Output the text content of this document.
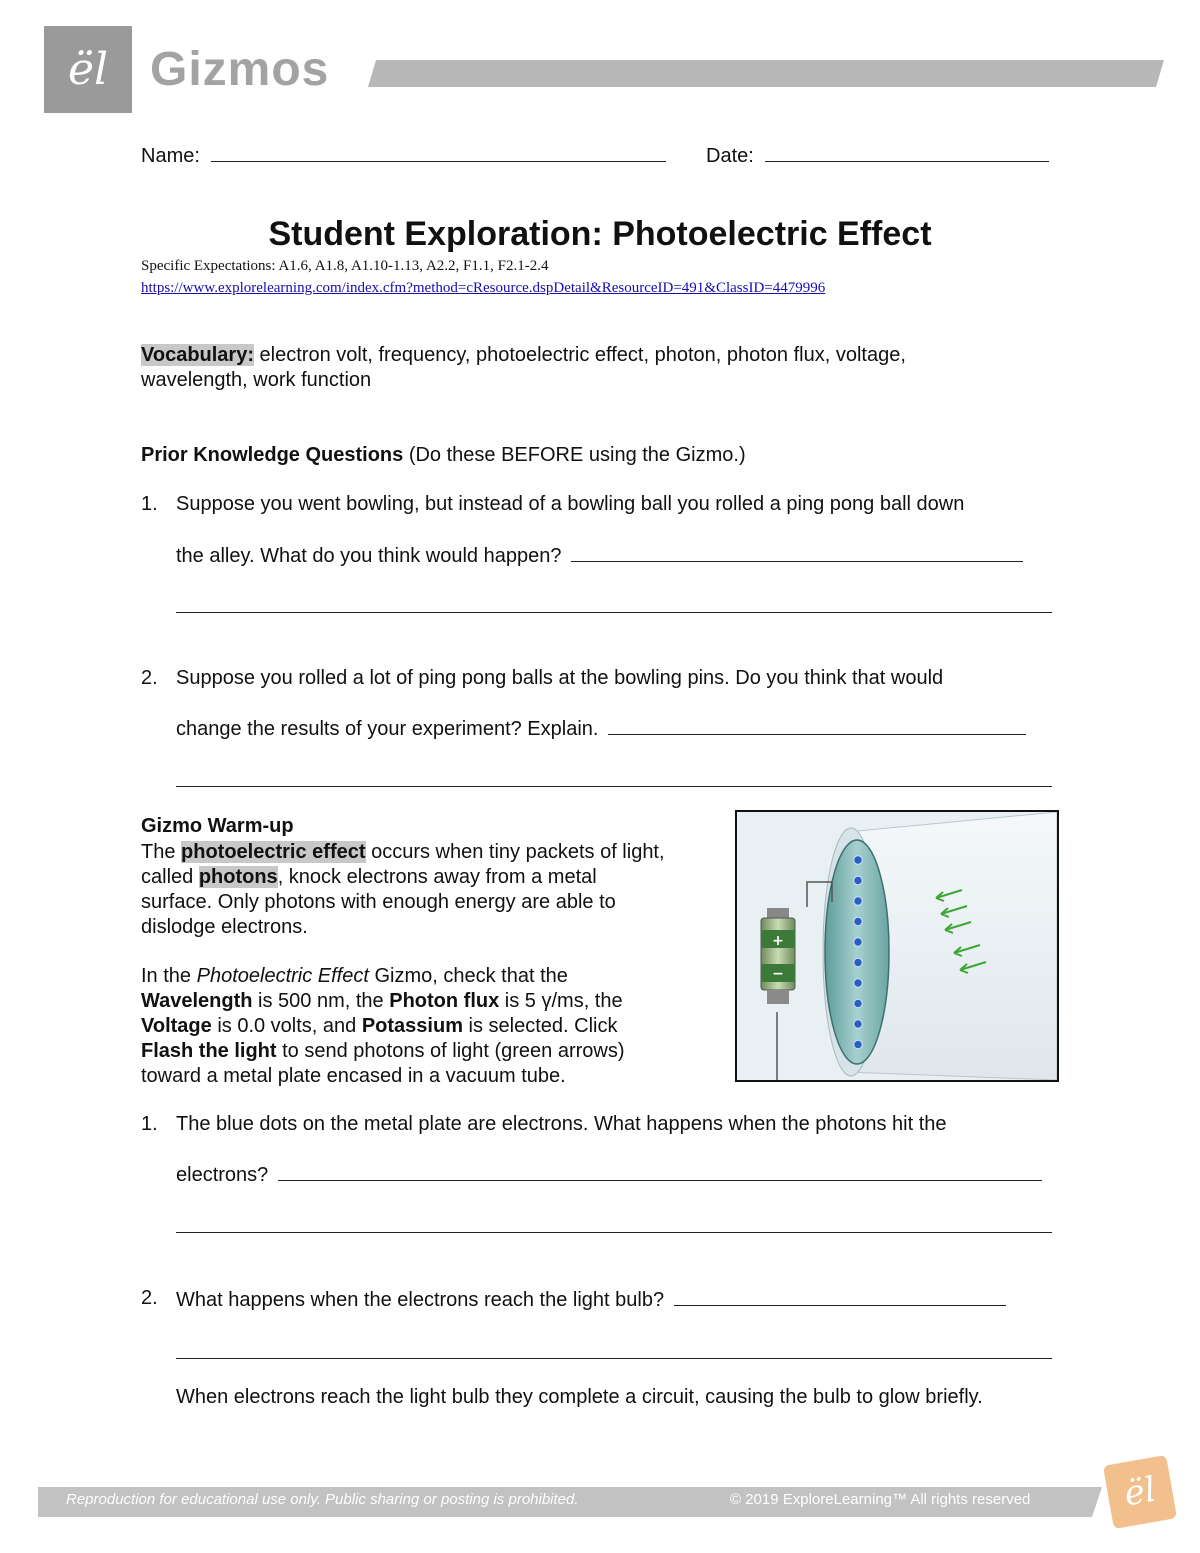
ël Gizmos
Name:	Date:
Student Exploration: Photoelectric Effect
Specific Expectations: A1.6, A1.8, A1.10-1.13, A2.2, F1.1, F2.1-2.4
https://www.explorelearning.com/index.cfm?method=cResource.dspDetail&ResourceID=491&ClassID=4479996
Vocabulary: electron volt, frequency, photoelectric effect, photon, photon flux, voltage,
wavelength, work function
Prior Knowledge Questions (Do these BEFORE using the Gizmo.)
1. Suppose you went bowling, but instead of a bowling ball you rolled a ping pong ball down
the alley. What do you think would happen?
2. Suppose you rolled a lot of ping pong balls at the bowling pins. Do you think that would
change the results of your experiment? Explain.
Gizmo Warm-up
The photoelectric effect occurs when tiny packets of light,
called photons, knock electrons away from a metal
surface. Only photons with enough energy are able to
dislodge electrons.
In the Photoelectric Effect Gizmo, check that the
Wavelength is 500 nm, the Photon flux is 5 γ/ms, the
Voltage is 0.0 volts, and Potassium is selected. Click
Flash the light to send photons of light (green arrows)
toward a metal plate encased in a vacuum tube.
+
−
1. The blue dots on the metal plate are electrons. What happens when the photons hit the
electrons?
2. What happens when the electrons reach the light bulb?
When electrons reach the light bulb they complete a circuit, causing the bulb to glow briefly.
Reproduction for educational use only. Public sharing or posting is prohibited.	© 2019 ExploreLearning™ All rights reserved	ël
